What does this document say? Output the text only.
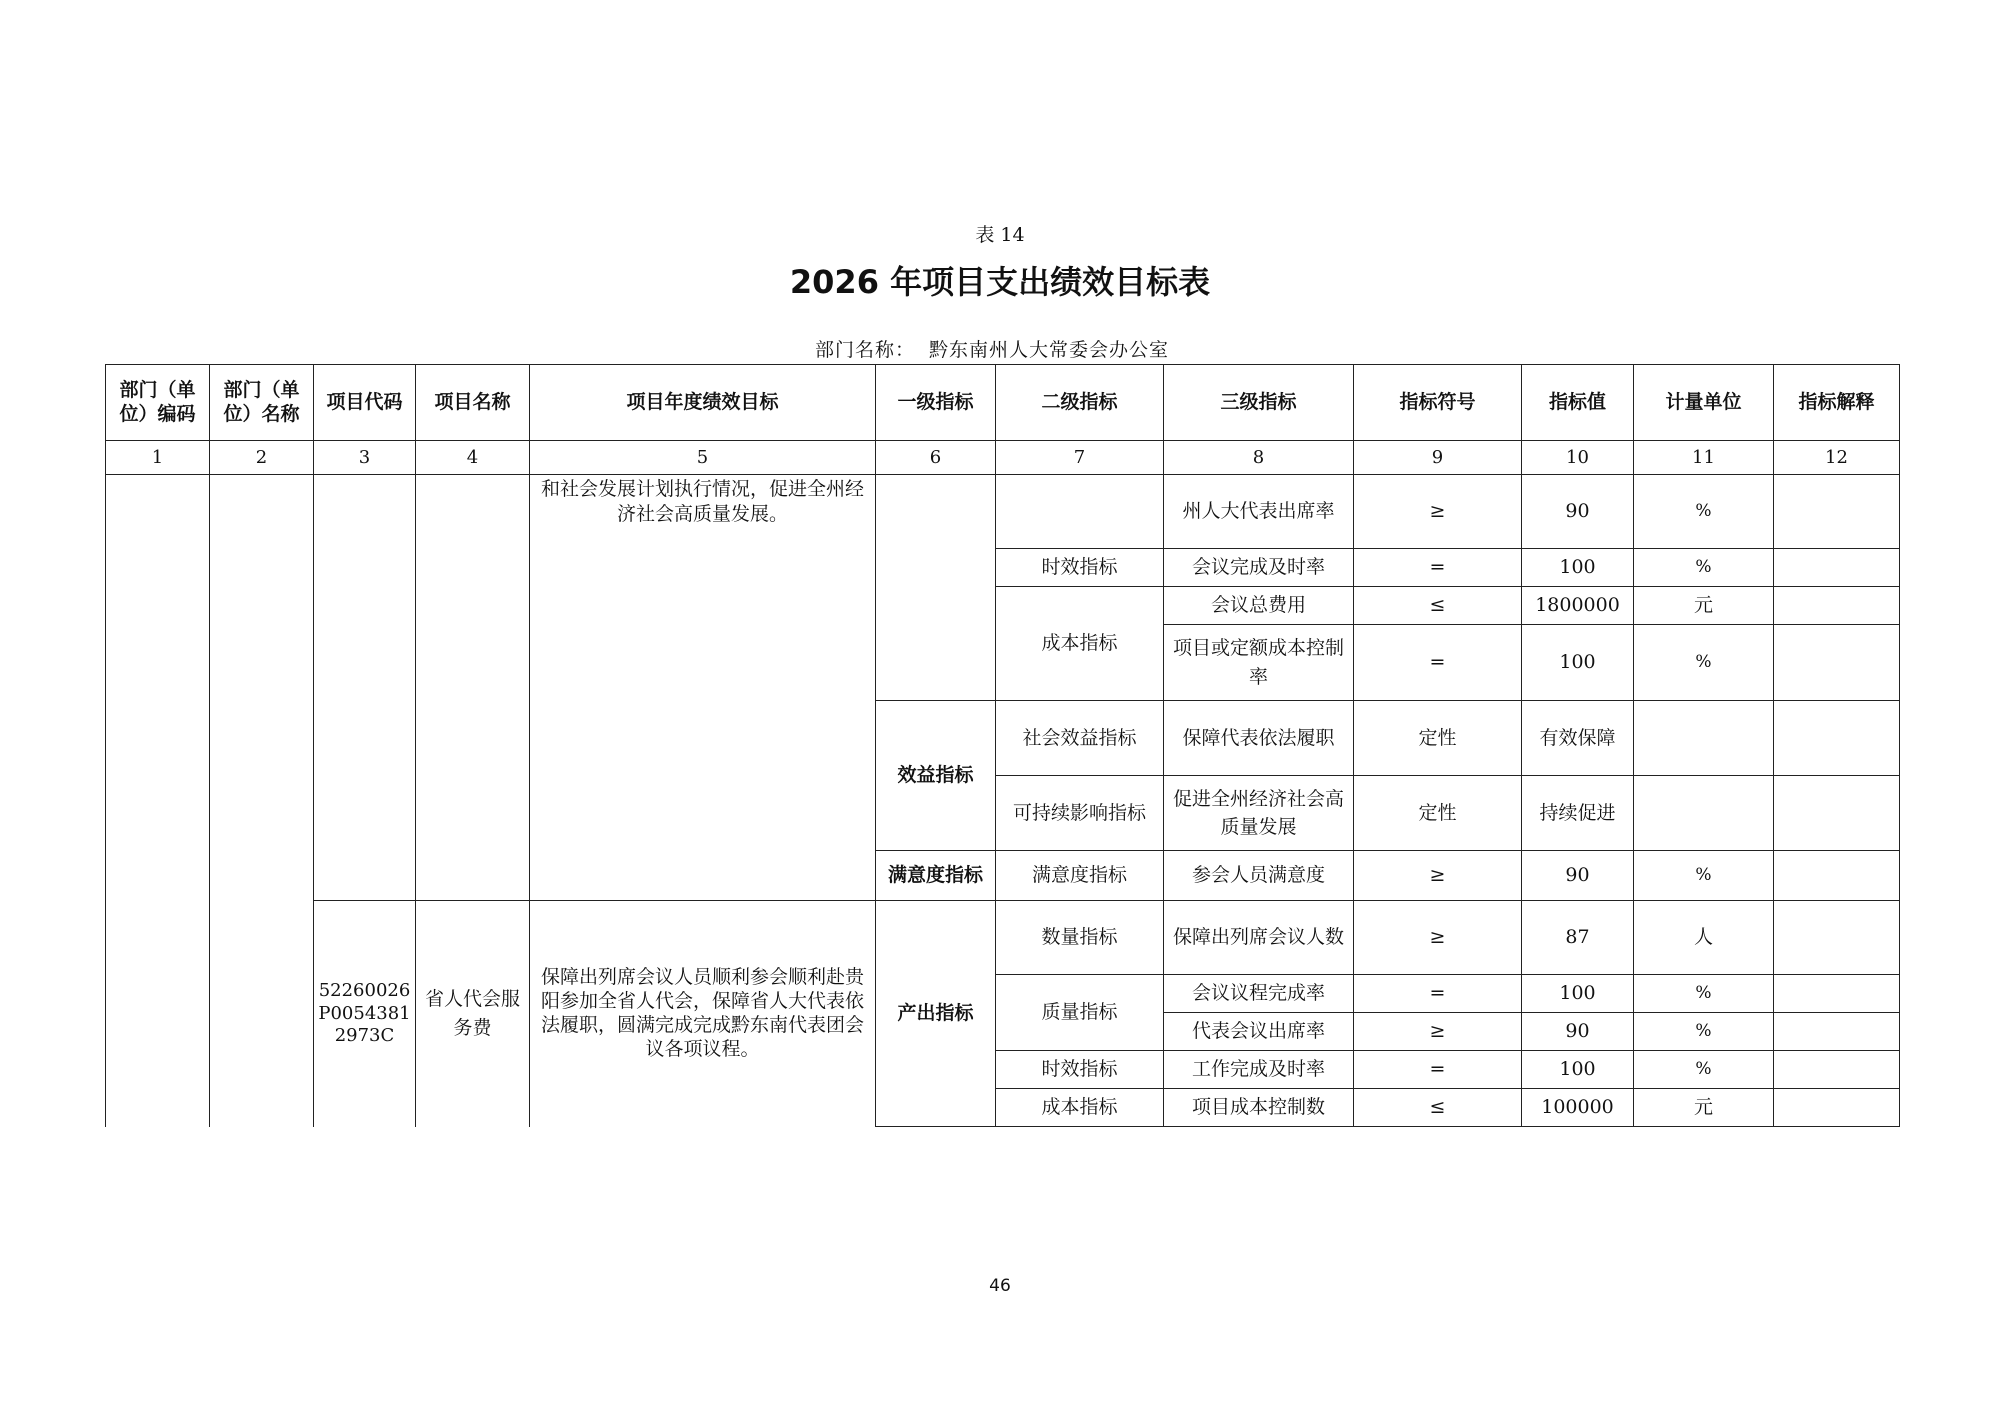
表 14
2026 年项目支出绩效目标表
部门名称： 黔东南州人大常委会办公室
部门（单位）编码	部门（单位）名称	项目代码	项目名称	项目年度绩效目标	一级指标	二级指标	三级指标	指标符号	指标值	计量单位	指标解释
1	2	3	4	5	6	7	8	9	10	11	12
				和社会发展计划执行情况，促进全州经济社会高质量发展。			州人大代表出席率	≥	90	%	
						时效指标	会议完成及时率	=	100	%	
						成本指标	会议总费用	≤	1800000	元	
							项目或定额成本控制率	=	100	%	
					效益指标	社会效益指标	保障代表依法履职	定性	有效保障		
						可持续影响指标	促进全州经济社会高质量发展	定性	持续促进		
					满意度指标	满意度指标	参会人员满意度	≥	90	%	
		52260026P00543812973C	省人代会服务费	保障出列席会议人员顺利参会顺利赴贵阳参加全省人代会，保障省人大代表依法履职，圆满完成完成黔东南代表团会议各项议程。	产出指标	数量指标	保障出列席会议人数	≥	87	人	
						质量指标	会议议程完成率	=	100	%	
							代表会议出席率	≥	90	%	
						时效指标	工作完成及时率	=	100	%	
						成本指标	项目成本控制数	≤	100000	元	
46
